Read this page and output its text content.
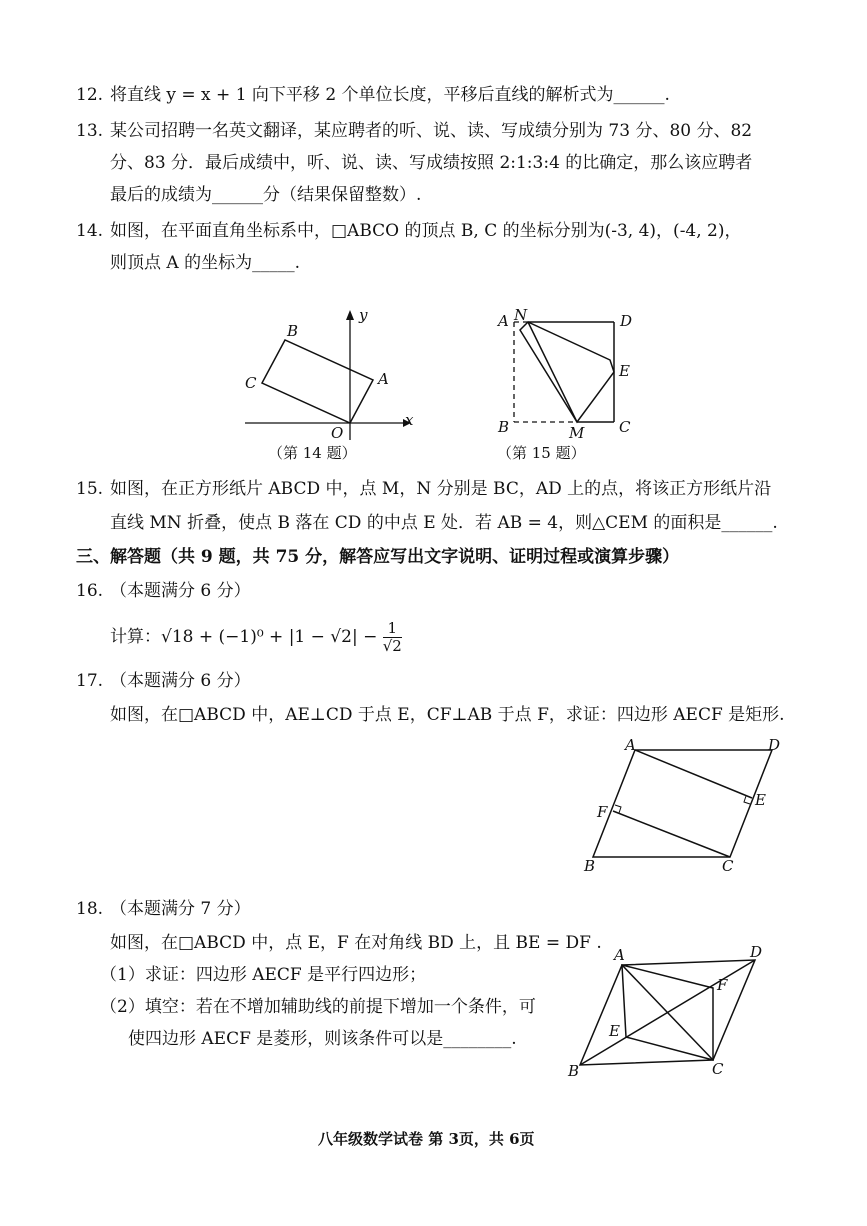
12. 将直线 y = x + 1 向下平移 2 个单位长度，平移后直线的解析式为______.
13. 某公司招聘一名英文翻译，某应聘者的听、说、读、写成绩分别为 73 分、80 分、82
分、83 分．最后成绩中，听、说、读、写成绩按照 2:1:3:4 的比确定，那么该应聘者
最后的成绩为______分（结果保留整数）.
14. 如图，在平面直角坐标系中，□ABCO 的顶点 B, C 的坐标分别为(-3, 4)，(-4, 2)，
则顶点 A 的坐标为_____.
B
C	A
O
x
y
（第 14 题）
A N	D
E
B	M C
（第 15 题）
15. 如图，在正方形纸片 ABCD 中，点 M，N 分别是 BC，AD 上的点，将该正方形纸片沿
直线 MN 折叠，使点 B 落在 CD 的中点 E 处．若 AB = 4，则△CEM 的面积是______.
三、解答题（共 9 题，共 75 分，解答应写出文字说明、证明过程或演算步骤）
16. （本题满分 6 分）
计算：$√18 + (-1)^0 + |1 - √2| - \frac{1}{√2}$
17. （本题满分 6 分）
如图，在□ABCD 中，AE⊥CD 于点 E，CF⊥AB 于点 F，求证：四边形 AECF 是矩形.
A	D
E
F
B	C
18. （本题满分 7 分）
如图，在□ABCD 中，点 E，F 在对角线 BD 上，且 BE = DF .
（1）求证：四边形 AECF 是平行四边形；
（2）填空：若在不增加辅助线的前提下增加一个条件，可
使四边形 AECF 是菱形，则该条件可以是________.
A	D
F
E
B	C
八年级数学试卷 第 3页，共 6页
